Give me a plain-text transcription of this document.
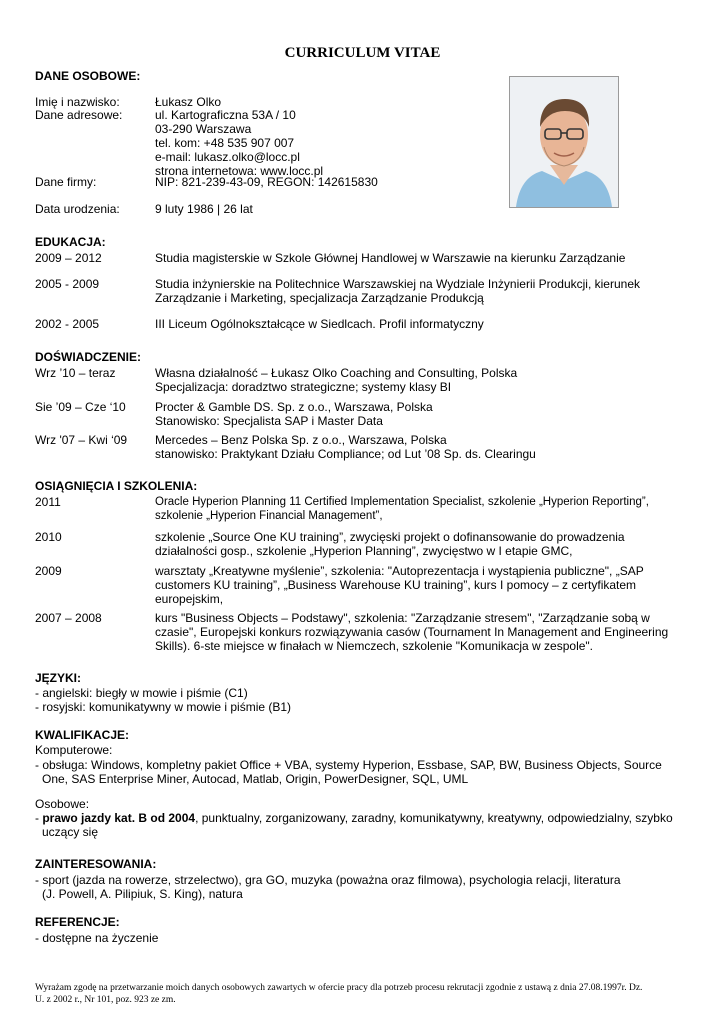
CURRICULUM VITAE
DANE OSOBOWE:
Imię i nazwisko:	Łukasz Olko
Dane adresowe:	ul. Kartograficzna 53A / 10
03-290 Warszawa
tel. kom: +48 535 907 007
e-mail: lukasz.olko@locc.pl
strona internetowa: www.locc.pl
Dane firmy:	NIP: 821-239-43-09, REGON: 142615830
Data urodzenia:	9 luty 1986 | 26 lat
EDUKACJA:
2009 – 2012	Studia magisterskie w Szkole Głównej Handlowej w Warszawie na kierunku Zarządzanie
2005 - 2009	Studia inżynierskie na Politechnice Warszawskiej na Wydziale Inżynierii Produkcji, kierunek
Zarządzanie i Marketing, specjalizacja Zarządzanie Produkcją
2002 - 2005	III Liceum Ogólnokształcące w Siedlcach. Profil informatyczny
DOŚWIADCZENIE:
Wrz ’10 – teraz	Własna działalność – Łukasz Olko Coaching and Consulting, Polska
Specjalizacja: doradztwo strategiczne; systemy klasy BI
Sie ’09 – Cze ‘10 Procter & Gamble DS. Sp. z o.o., Warszawa, Polska
Stanowisko: Specjalista SAP i Master Data
Wrz '07 – Kwi ‘09 Mercedes – Benz Polska Sp. z o.o., Warszawa, Polska
stanowisko: Praktykant Działu Compliance; od Lut ’08 Sp. ds. Clearingu
OSIĄGNIĘCIA I SZKOLENIA:
2011	Oracle Hyperion Planning 11 Certified Implementation Specialist, szkolenie „Hyperion Reporting”,
szkolenie „Hyperion Financial Management”,
2010	szkolenie „Source One KU training”, zwycięski projekt o dofinansowanie do prowadzenia
działalności gosp., szkolenie „Hyperion Planning”, zwycięstwo w I etapie GMC,
2009	warsztaty „Kreatywne myślenie”, szkolenia: "Autoprezentacja i wystąpienia publiczne", „SAP
customers KU training”, „Business Warehouse KU training”, kurs I pomocy – z certyfikatem
europejskim,
2007 – 2008	kurs "Business Objects – Podstawy", szkolenia: "Zarządzanie stresem", "Zarządzanie sobą w
czasie", Europejski konkurs rozwiązywania casów (Tournament In Management and Engineering
Skills). 6-ste miejsce w finałach w Niemczech, szkolenie "Komunikacja w zespole".
JĘZYKI:
- angielski: biegły w mowie i piśmie (C1)
- rosyjski: komunikatywny w mowie i piśmie (B1)
KWALIFIKACJE:
Komputerowe:
- obsługa: Windows, kompletny pakiet Office + VBA, systemy Hyperion, Essbase, SAP, BW, Business Objects, Source
One, SAS Enterprise Miner, Autocad, Matlab, Origin, PowerDesigner, SQL, UML
Osobowe:
- prawo jazdy kat. B od 2004, punktualny, zorganizowany, zaradny, komunikatywny, kreatywny, odpowiedzialny, szybko
uczący się
ZAINTERESOWANIA:
- sport (jazda na rowerze, strzelectwo), gra GO, muzyka (poważna oraz filmowa), psychologia relacji, literatura
(J. Powell, A. Pilipiuk, S. King), natura
REFERENCJE:
- dostępne na życzenie
Wyrażam zgodę na przetwarzanie moich danych osobowych zawartych w ofercie pracy dla potrzeb procesu rekrutacji zgodnie z ustawą z dnia 27.08.1997r. Dz.
U. z 2002 r., Nr 101, poz. 923 ze zm.
